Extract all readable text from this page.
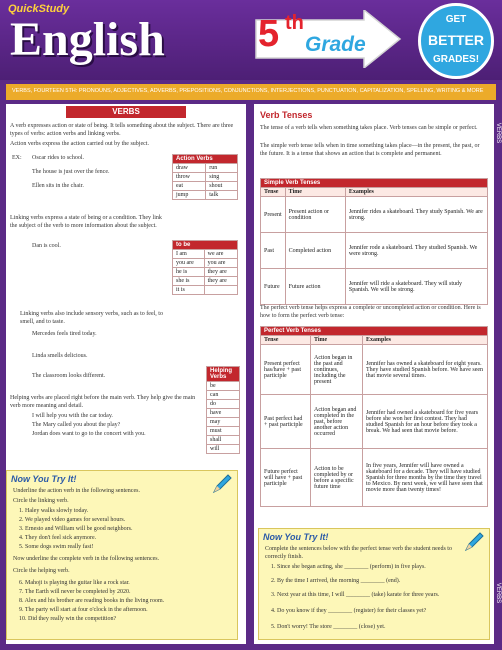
QuickStudy
English 5 th
Grade
GET
BETTER
GRADES!
VERBS, FOURTEEN 5TH: PRONOUNS, ADJECTIVES, ADVERBS, PREPOSITIONS, CONJUNCTIONS, INTERJECTIONS, PUNCTUATION, CAPITALIZATION, SPELLING, WRITING & MORE
VERBS
A verb expresses action or state of being. It tells something about the subject. There are three types of verbs: action verbs and linking verbs.
Action verbs express the action carried out by the subject.
EX: Oscar rides to school.
The house is just over the fence.
Ellen sits in the chair.
Action Verbs	
draw	run
throw	sing
eat	shout
jump	talk
Linking verbs express a state of being or a condition. They link the subject of the verb to more information about the subject.
Dan is cool.	to be	
I am	we are
you are	you are
he is	they are
she is	they are
it is	
Linking verbs also include sensory verbs, such as to feel, to smell, and to taste.
Mercedes feels tired today.
Linda smells delicious.
The classroom looks different.
Helping Verbs
be
can
do
have
may
must
shall
will
Helping verbs are placed right before the main verb. They help give the main verb more meaning and detail.
I will help you with the car today.
The Mary called you about the play?
Jordan does want to go to the concert with you.
Now You Try It!
Underline the action verb in the following sentences.
Circle the linking verb.
1. Haley walks slowly today.
2. We played video games for several hours.
3. Ernesto and William will be good neighbors.
4. They don't feel sick anymore.
5. Some dogs swim really fast!
Now underline the complete verb in the following sentences.
Circle the helping verb.
6. Mahoji is playing the guitar like a rock star.
7. The Earth will never be completed by 2020.
8. Alex and his brother are reading books in the living room.
9. The party will start at four o'clock in the afternoon.
10. Did they really win the competition?
Verb Tenses
The tense of a verb tells when something takes place. Verb tenses can be simple or perfect.
The simple verb tense tells when in time something takes place—in the present, the past, or the future. It is a tense that shows an action that is complete and permanent.
Simple Verb Tenses		
Tense	Time	Examples
Present	Present action or condition	Jennifer rides a skateboard. They study Spanish. We are strong.
Past	Completed action	Jennifer rode a skateboard. They studied Spanish. We were strong.
Future	Future action	Jennifer will ride a skateboard. They will study Spanish. We will be strong.
The perfect verb tense helps express a complete or uncompleted action or condition. Here is how to form the perfect verb tense:
Perfect Verb Tenses		
Tense	Time	Examples
Present perfect has/have + past participle	Action began in the past and continues, including the present	Jennifer has owned a skateboard for eight years. They have studied Spanish before. We have seen that movie several times.
Past perfect had + past participle	Action began and completed in the past, before another action occurred	Jennifer had owned a skateboard for five years before she won her first contest. They had studied Spanish for an hour before they took a break. We had seen that movie before.
Future perfect will have + past participle	Action to be completed by or before a specific future time	In five years, Jennifer will have owned a skateboard for a decade. They will have studied Spanish for three months by the time they travel to Mexico. By next week, we will have seen that movie more than twenty times!
Now You Try It!
Complete the sentences below with the perfect tense verb the student needs to correctly finish.
1. Since she began acting, she ________ (perform) in five plays.
2. By the time I arrived, the morning ________ (end).
3. Next year at this time, I will ________ (take) karate for three years.
4. Do you know if they ________ (register) for their classes yet?
5. Don't worry! The store ________ (close) yet.
VERBS
VERBS
